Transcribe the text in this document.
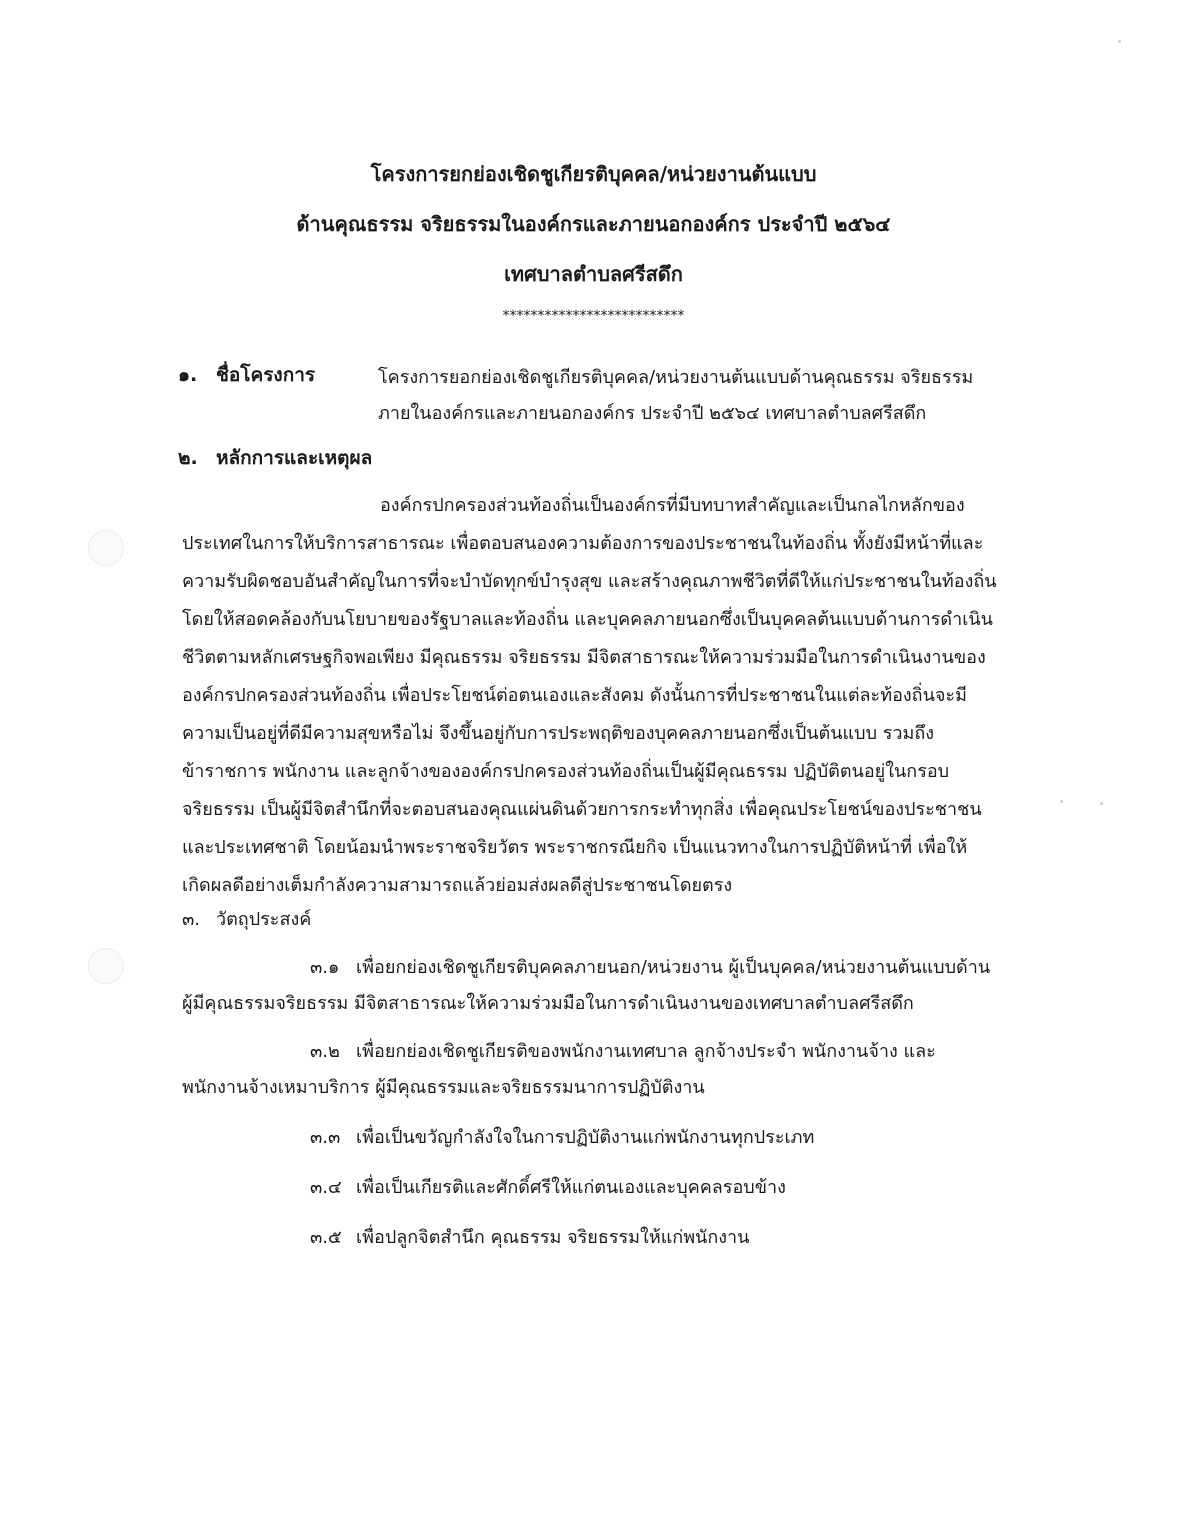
โครงการยกย่องเชิดชูเกียรติบุคคล/หน่วยงานต้นแบบ
ด้านคุณธรรม จริยธรรมในองค์กรและภายนอกองค์กร ประจำปี ๒๕๖๔
เทศบาลตำบลศรีสดึก
**************************
๑. ชื่อโครงการ	โครงการยอกย่องเชิดชูเกียรติบุคคล/หน่วยงานต้นแบบด้านคุณธรรม จริยธรรม
ภายในองค์กรและภายนอกองค์กร ประจำปี ๒๕๖๔ เทศบาลตำบลศรีสดึก
๒. หลักการและเหตุผล
องค์กรปกครองส่วนท้องถิ่นเป็นองค์กรที่มีบทบาทสำคัญและเป็นกลไกหลักของ
ประเทศในการให้บริการสาธารณะ เพื่อตอบสนองความต้องการของประชาชนในท้องถิ่น ทั้งยังมีหน้าที่และ
ความรับผิดชอบอันสำคัญในการที่จะบำบัดทุกข์บำรุงสุข และสร้างคุณภาพชีวิตที่ดีให้แก่ประชาชนในท้องถิ่น
โดยให้สอดคล้องกับนโยบายของรัฐบาลและท้องถิ่น และบุคคลภายนอกซึ่งเป็นบุคคลต้นแบบด้านการดำเนิน
ชีวิตตามหลักเศรษฐกิจพอเพียง มีคุณธรรม จริยธรรม มีจิตสาธารณะให้ความร่วมมือในการดำเนินงานของ
องค์กรปกครองส่วนท้องถิ่น เพื่อประโยชน์ต่อตนเองและสังคม ดังนั้นการที่ประชาชนในแต่ละท้องถิ่นจะมี
ความเป็นอยู่ที่ดีมีความสุขหรือไม่ จึงขึ้นอยู่กับการประพฤติของบุคคลภายนอกซึ่งเป็นต้นแบบ รวมถึง
ข้าราชการ พนักงาน และลูกจ้างขององค์กรปกครองส่วนท้องถิ่นเป็นผู้มีคุณธรรม ปฏิบัติตนอยู่ในกรอบ
จริยธรรม เป็นผู้มีจิตสำนึกที่จะตอบสนองคุณแผ่นดินด้วยการกระทำทุกสิ่ง เพื่อคุณประโยชน์ของประชาชน
และประเทศชาติ โดยน้อมนำพระราชจริยวัตร พระราชกรณียกิจ เป็นแนวทางในการปฏิบัติหน้าที่ เพื่อให้
เกิดผลดีอย่างเต็มกำลังความสามารถแล้วย่อมส่งผลดีสู่ประชาชนโดยตรง
๓. วัตถุประสงค์
๓.๑ เพื่อยกย่องเชิดชูเกียรติบุคคลภายนอก/หน่วยงาน ผู้เป็นบุคคล/หน่วยงานต้นแบบด้าน
ผู้มีคุณธรรมจริยธรรม มีจิตสาธารณะให้ความร่วมมือในการดำเนินงานของเทศบาลตำบลศรีสดึก
๓.๒ เพื่อยกย่องเชิดชูเกียรติของพนักงานเทศบาล ลูกจ้างประจำ พนักงานจ้าง และ
พนักงานจ้างเหมาบริการ ผู้มีคุณธรรมและจริยธรรมนาการปฏิบัติงาน
๓.๓ เพื่อเป็นขวัญกำลังใจในการปฏิบัติงานแก่พนักงานทุกประเภท
๓.๔ เพื่อเป็นเกียรติและศักดิ์ศรีให้แก่ตนเองและบุคคลรอบข้าง
๓.๕ เพื่อปลูกจิตสำนึก คุณธรรม จริยธรรมให้แก่พนักงาน
